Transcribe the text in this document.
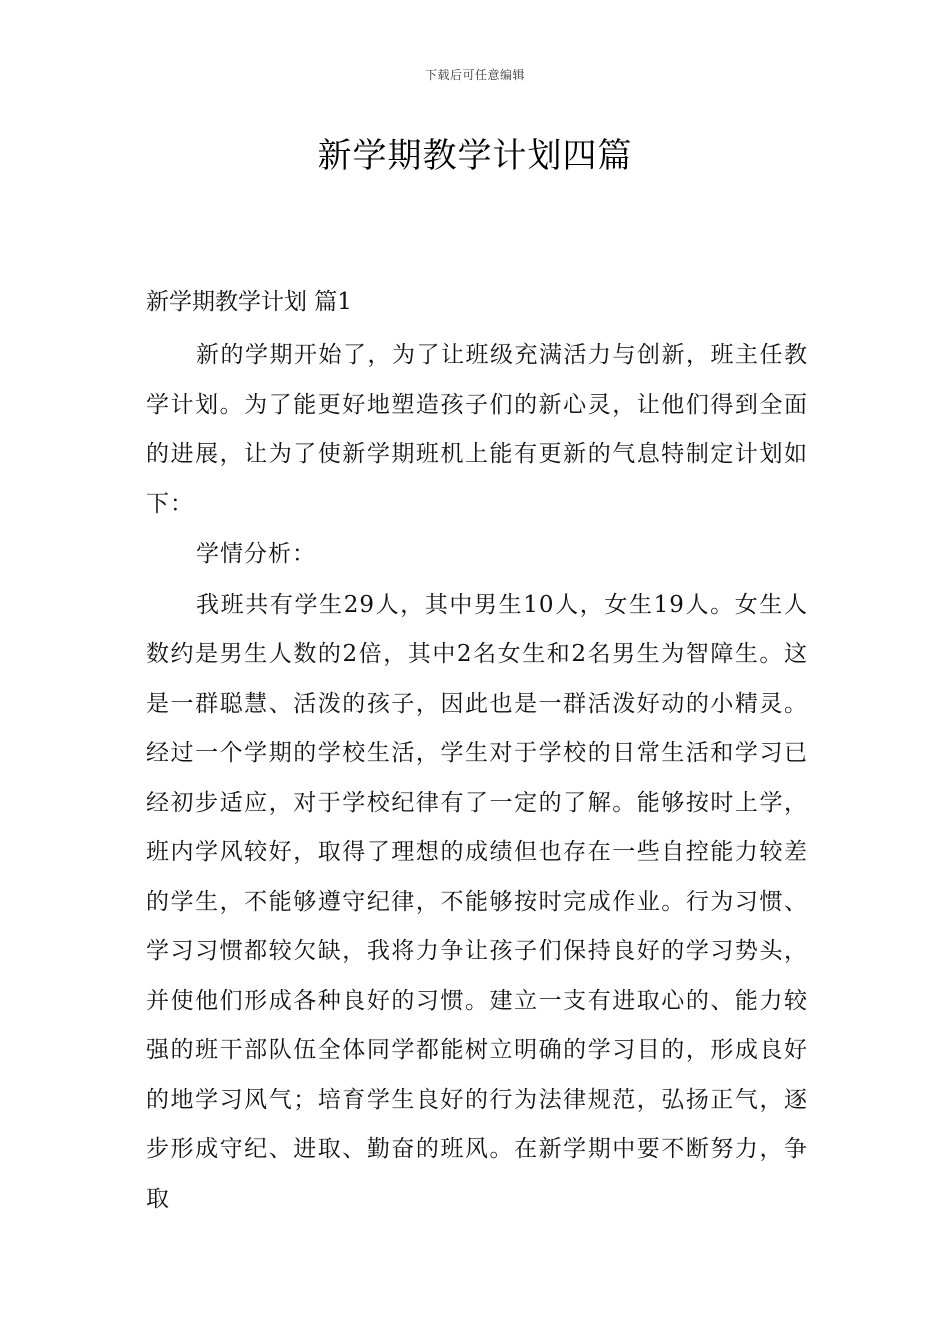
下载后可任意编辑
新学期教学计划四篇
新学期教学计划 篇1

新的学期开始了，为了让班级充满活力与创新，班主任教学计划。为了能更好地塑造孩子们的新心灵，让他们得到全面的进展，让为了使新学期班机上能有更新的气息特制定计划如下：

学情分析：

我班共有学生29人，其中男生10人，女生19人。女生人数约是男生人数的2倍，其中2名女生和2名男生为智障生。这是一群聪慧、活泼的孩子，因此也是一群活泼好动的小精灵。经过一个学期的学校生活，学生对于学校的日常生活和学习已经初步适应，对于学校纪律有了一定的了解。能够按时上学，班内学风较好，取得了理想的成绩但也存在一些自控能力较差的学生，不能够遵守纪律，不能够按时完成作业。行为习惯、学习习惯都较欠缺，我将力争让孩子们保持良好的学习势头，并使他们形成各种良好的习惯。建立一支有进取心的、能力较强的班干部队伍全体同学都能树立明确的学习目的，形成良好的地学习风气；培育学生良好的行为法律规范，弘扬正气，逐步形成守纪、进取、勤奋的班风。在新学期中要不断努力，争取
